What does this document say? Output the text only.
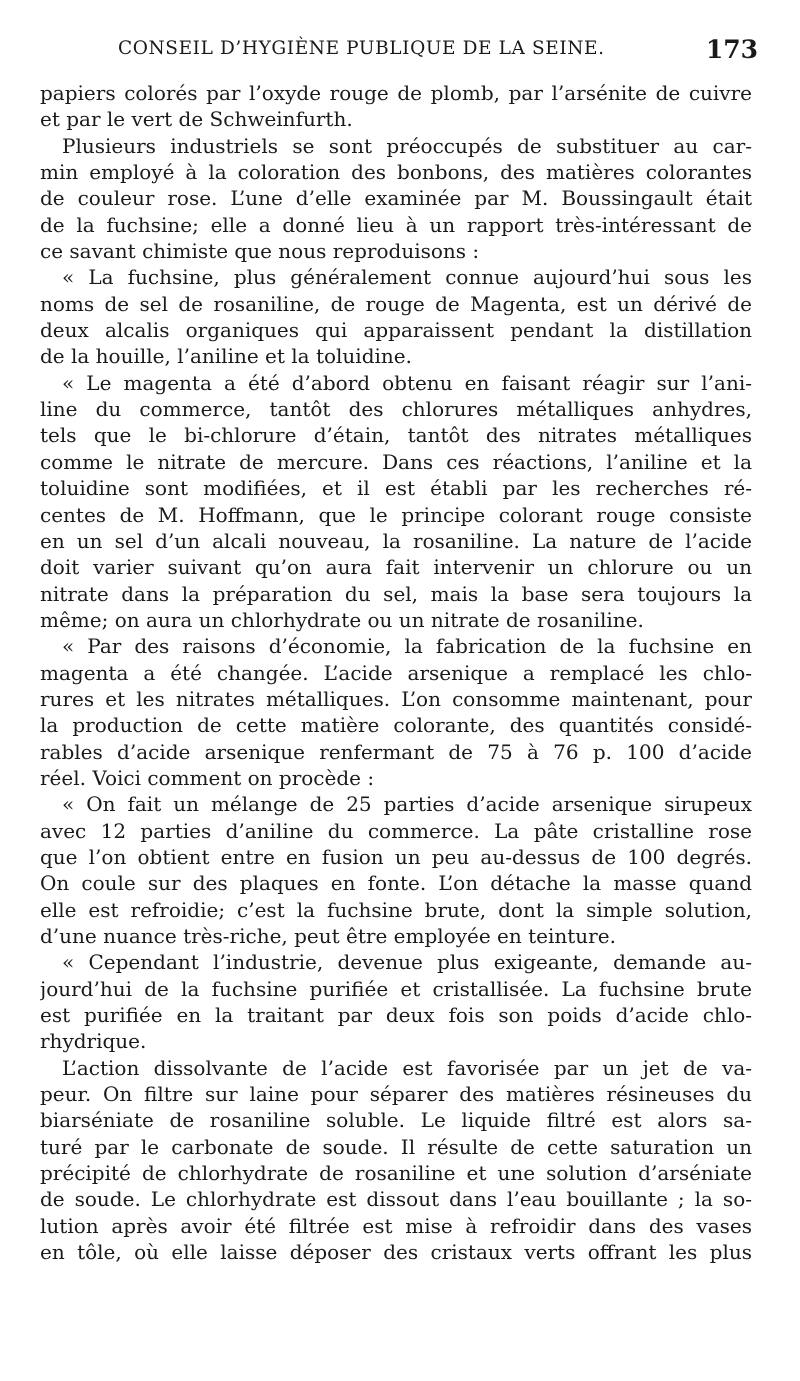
CONSEIL D’HYGIÈNE PUBLIQUE DE LA SEINE.	173
papiers colorés par l’oxyde rouge de plomb, par l’arsénite de cuivre
et par le vert de Schweinfurth.
Plusieurs industriels se sont préoccupés de substituer au car-
min employé à la coloration des bonbons, des matières colorantes
de couleur rose. L’une d’elle examinée par M. Boussingault était
de la fuchsine; elle a donné lieu à un rapport très-intéressant de
ce savant chimiste que nous reproduisons :
« La fuchsine, plus généralement connue aujourd’hui sous les
noms de sel de rosaniline, de rouge de Magenta, est un dérivé de
deux alcalis organiques qui apparaissent pendant la distillation
de la houille, l’aniline et la toluidine.
« Le magenta a été d’abord obtenu en faisant réagir sur l’ani-
line du commerce, tantôt des chlorures métalliques anhydres,
tels que le bi-chlorure d’étain, tantôt des nitrates métalliques
comme le nitrate de mercure. Dans ces réactions, l’aniline et la
toluidine sont modifiées, et il est établi par les recherches ré-
centes de M. Hoffmann, que le principe colorant rouge consiste
en un sel d’un alcali nouveau, la rosaniline. La nature de l’acide
doit varier suivant qu’on aura fait intervenir un chlorure ou un
nitrate dans la préparation du sel, mais la base sera toujours la
même; on aura un chlorhydrate ou un nitrate de rosaniline.
« Par des raisons d’économie, la fabrication de la fuchsine en
magenta a été changée. L’acide arsenique a remplacé les chlo-
rures et les nitrates métalliques. L’on consomme maintenant, pour
la production de cette matière colorante, des quantités considé-
rables d’acide arsenique renfermant de 75 à 76 p. 100 d’acide
réel. Voici comment on procède :
« On fait un mélange de 25 parties d’acide arsenique sirupeux
avec 12 parties d’aniline du commerce. La pâte cristalline rose
que l’on obtient entre en fusion un peu au-dessus de 100 degrés.
On coule sur des plaques en fonte. L’on détache la masse quand
elle est refroidie; c’est la fuchsine brute, dont la simple solution,
d’une nuance très-riche, peut être employée en teinture.
« Cependant l’industrie, devenue plus exigeante, demande au-
jourd’hui de la fuchsine purifiée et cristallisée. La fuchsine brute
est purifiée en la traitant par deux fois son poids d’acide chlo-
rhydrique.
L’action dissolvante de l’acide est favorisée par un jet de va-
peur. On filtre sur laine pour séparer des matières résineuses du
biarséniate de rosaniline soluble. Le liquide filtré est alors sa-
turé par le carbonate de soude. Il résulte de cette saturation un
précipité de chlorhydrate de rosaniline et une solution d’arséniate
de soude. Le chlorhydrate est dissout dans l’eau bouillante ; la so-
lution après avoir été filtrée est mise à refroidir dans des vases
en tôle, où elle laisse déposer des cristaux verts offrant les plus
